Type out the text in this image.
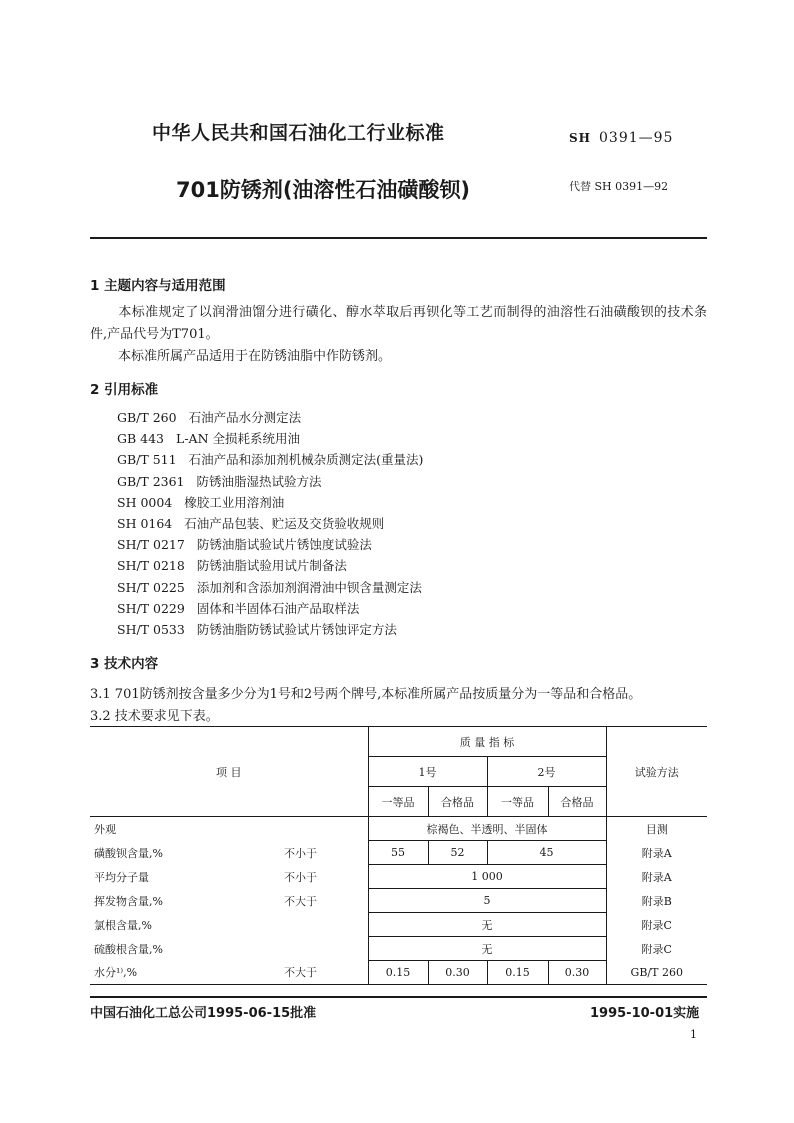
中华人民共和国石油化工行业标准	SH 0391—95
701防锈剂(油溶性石油磺酸钡)	代替 SH 0391—92
1 主题内容与适用范围
本标准规定了以润滑油馏分进行磺化、醇水萃取后再钡化等工艺而制得的油溶性石油磺酸钡的技术条件,产品代号为T701。
本标准所属产品适用于在防锈油脂中作防锈剂。
2 引用标准
GB/T 260 石油产品水分测定法
GB 443 L-AN 全损耗系统用油
GB/T 511 石油产品和添加剂机械杂质测定法(重量法)
GB/T 2361 防锈油脂湿热试验方法
SH 0004 橡胶工业用溶剂油
SH 0164 石油产品包装、贮运及交货验收规则
SH/T 0217 防锈油脂试验试片锈蚀度试验法
SH/T 0218 防锈油脂试验用试片制备法
SH/T 0225 添加剂和含添加剂润滑油中钡含量测定法
SH/T 0229 固体和半固体石油产品取样法
SH/T 0533 防锈油脂防锈试验试片锈蚀评定方法
3 技术内容
3.1 701防锈剂按含量多少分为1号和2号两个牌号,本标准所属产品按质量分为一等品和合格品。
3.2 技术要求见下表。
项 目		质 量 指 标				试验方法
		1号		2号		
		一等品	合格品	一等品	合格品	
外观		棕褐色、半透明、半固体				目测
磺酸钡含量,%	不小于	55	52	45		附录A
平均分子量	不小于	1 000				附录A
挥发物含量,%	不大于	5				附录B
氯根含量,%		无				附录C
硫酸根含量,%		无				附录C
水分¹⁾,%	不大于	0.15	0.30	0.15	0.30	GB/T 260
中国石油化工总公司1995-06-15批准	1995-10-01实施
1
